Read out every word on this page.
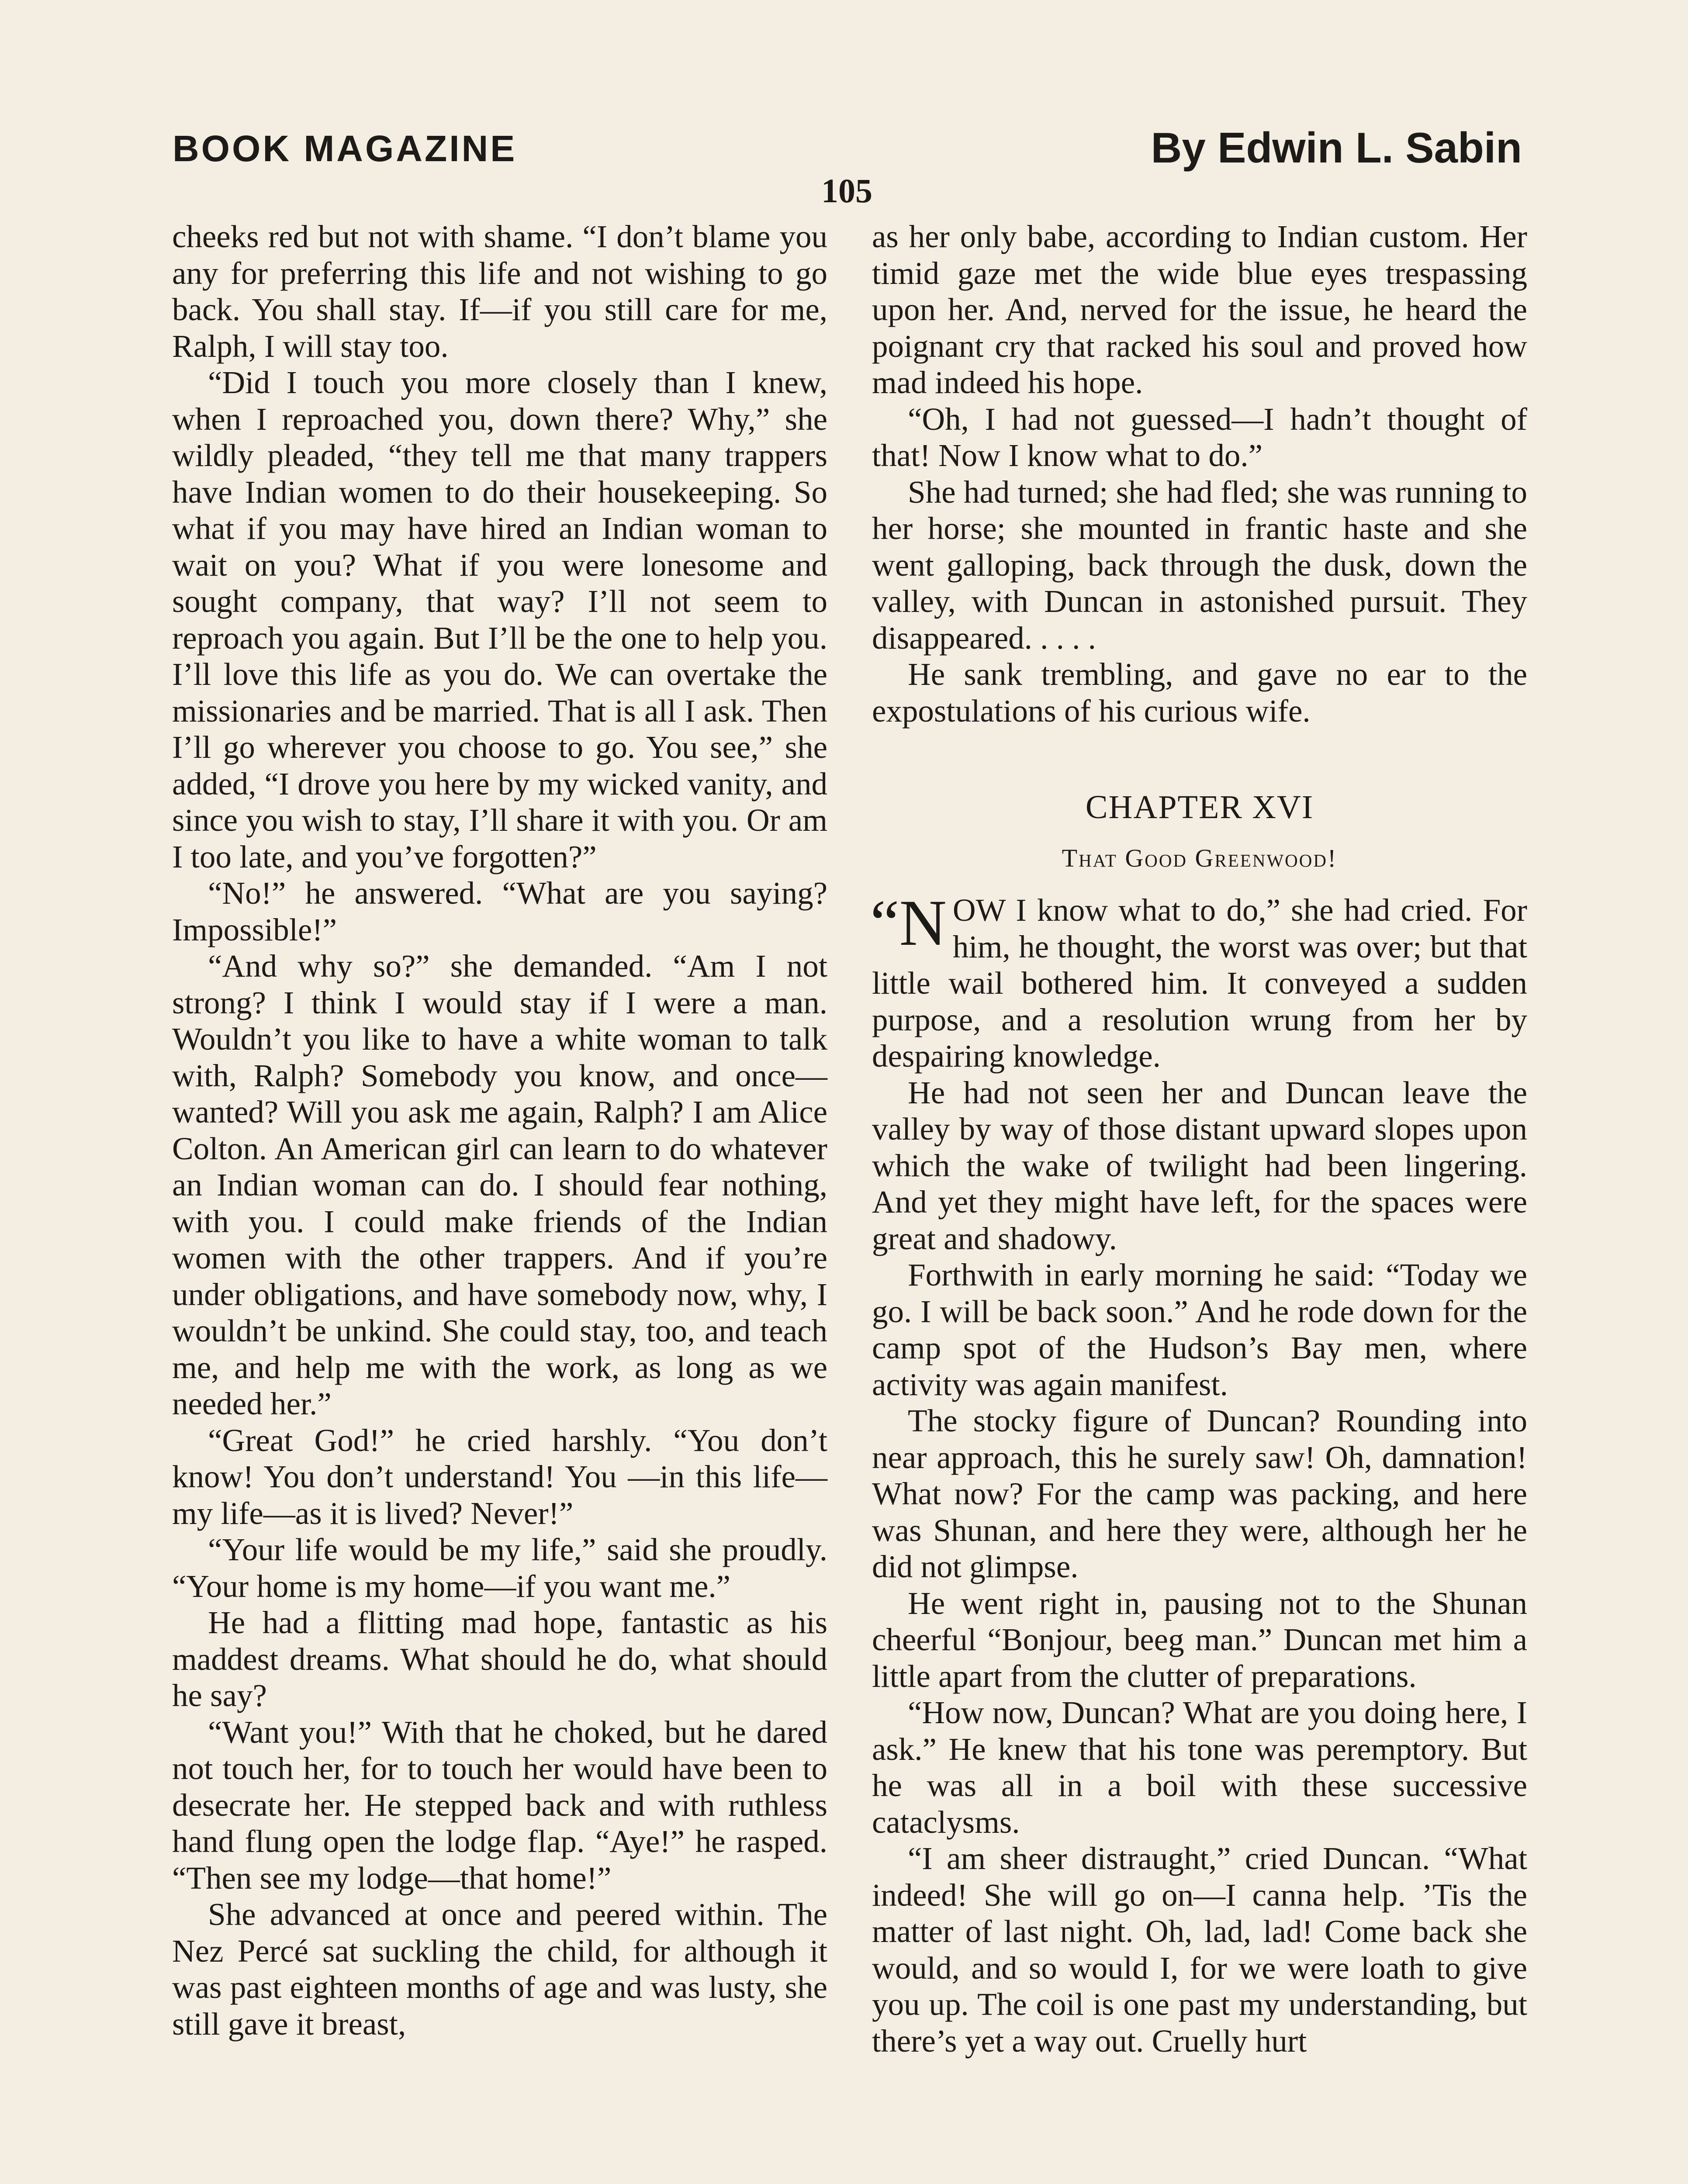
BOOK MAGAZINE	By Edwin L. Sabin
105

cheeks red but not with shame. “I don’t blame you any for preferring this life and not wishing to go back. You shall stay. If—if you still care for me, Ralph, I will stay too.

“Did I touch you more closely than I knew, when I reproached you, down there? Why,” she wildly pleaded, “they tell me that many trappers have Indian women to do their housekeeping. So what if you may have hired an Indian woman to wait on you? What if you were lonesome and sought company, that way? I’ll not seem to reproach you again. But I’ll be the one to help you. I’ll love this life as you do. We can overtake the missionaries and be married. That is all I ask. Then I’ll go wherever you choose to go. You see,” she added, “I drove you here by my wicked vanity, and since you wish to stay, I’ll share it with you. Or am I too late, and you’ve forgotten?”

“No!” he answered. “What are you saying? Impossible!”

“And why so?” she demanded. “Am I not strong? I think I would stay if I were a man. Wouldn’t you like to have a white woman to talk with, Ralph? Somebody you know, and once—wanted? Will you ask me again, Ralph? I am Alice Colton. An American girl can learn to do whatever an Indian woman can do. I should fear nothing, with you. I could make friends of the Indian women with the other trappers. And if you’re under obligations, and have somebody now, why, I wouldn’t be unkind. She could stay, too, and teach me, and help me with the work, as long as we needed her.”

“Great God!” he cried harshly. “You don’t know! You don’t understand! You —in this life—my life—as it is lived? Never!”

“Your life would be my life,” said she proudly. “Your home is my home—if you want me.”

He had a flitting mad hope, fantastic as his maddest dreams. What should he do, what should he say?

“Want you!” With that he choked, but he dared not touch her, for to touch her would have been to desecrate her. He stepped back and with ruthless hand flung open the lodge flap. “Aye!” he rasped. “Then see my lodge—that home!”

She advanced at once and peered within. The Nez Percé sat suckling the child, for although it was past eighteen months of age and was lusty, she still gave it breast,

as her only babe, according to Indian custom. Her timid gaze met the wide blue eyes trespassing upon her. And, nerved for the issue, he heard the poignant cry that racked his soul and proved how mad indeed his hope.

“Oh, I had not guessed—I hadn’t thought of that! Now I know what to do.”

She had turned; she had fled; she was running to her horse; she mounted in frantic haste and she went galloping, back through the dusk, down the valley, with Duncan in astonished pursuit. They disappeared. . . . .

He sank trembling, and gave no ear to the expostulations of his curious wife.

CHAPTER XVI
That Good Greenwood!

“N OW I know what to do,” she had cried. For him, he thought, the worst was over; but that little wail bothered him. It conveyed a sudden purpose, and a resolution wrung from her by despairing knowledge.

He had not seen her and Duncan leave the valley by way of those distant upward slopes upon which the wake of twilight had been lingering. And yet they might have left, for the spaces were great and shadowy.

Forthwith in early morning he said: “Today we go. I will be back soon.” And he rode down for the camp spot of the Hudson’s Bay men, where activity was again manifest.

The stocky figure of Duncan? Rounding into near approach, this he surely saw! Oh, damnation! What now? For the camp was packing, and here was Shunan, and here they were, although her he did not glimpse.

He went right in, pausing not to the Shunan cheerful “Bonjour, beeg man.” Duncan met him a little apart from the clutter of preparations.

“How now, Duncan? What are you doing here, I ask.” He knew that his tone was peremptory. But he was all in a boil with these successive cataclysms.

“I am sheer distraught,” cried Duncan. “What indeed! She will go on—I canna help. ’Tis the matter of last night. Oh, lad, lad! Come back she would, and so would I, for we were loath to give you up. The coil is one past my understanding, but there’s yet a way out. Cruelly hurt
